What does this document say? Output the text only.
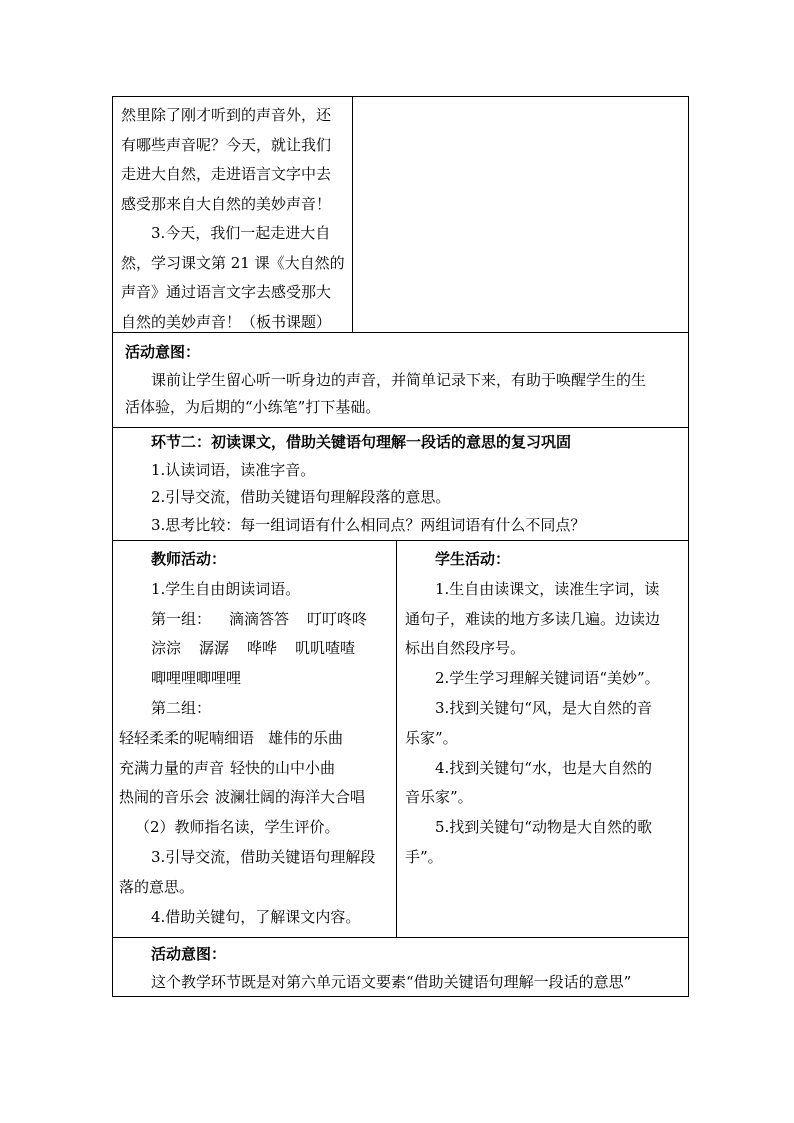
然里除了刚才听到的声音外，还

有哪些声音呢？今天，就让我们

走进大自然，走进语言文字中去

感受那来自大自然的美妙声音！

3.今天，我们一起走进大自

然，学习课文第 21 课《大自然的

声音》通过语言文字去感受那大

自然的美妙声音！（板书课题）

活动意图：

课前让学生留心听一听身边的声音，并简单记录下来，有助于唤醒学生的生

活体验，为后期的“小练笔”打下基础。

环节二：初读课文，借助关键语句理解一段话的意思的复习巩固

1.认读词语，读准字音。

2.引导交流，借助关键语句理解段落的意思。

3.思考比较：每一组词语有什么相同点？两组词语有什么不同点？

教师活动：

1.学生自由朗读词语。

第一组： 滴滴答答 叮叮咚咚

淙淙 潺潺 哗哗 叽叽喳喳

唧哩哩唧哩哩

第二组：

轻轻柔柔的呢喃细语 雄伟的乐曲

充满力量的声音 轻快的山中小曲

热闹的音乐会 波澜壮阔的海洋大合唱

（2）教师指名读，学生评价。

3.引导交流，借助关键语句理解段

落的意思。

4.借助关键句，了解课文内容。

学生活动：

1.生自由读课文，读准生字词，读

通句子，难读的地方多读几遍。边读边

标出自然段序号。

2.学生学习理解关键词语“美妙”。

3.找到关键句“风，是大自然的音

乐家”。

4.找到关键句“水，也是大自然的

音乐家”。

5.找到关键句“动物是大自然的歌

手”。

活动意图：

这个教学环节既是对第六单元语文要素“借助关键语句理解一段话的意思”
